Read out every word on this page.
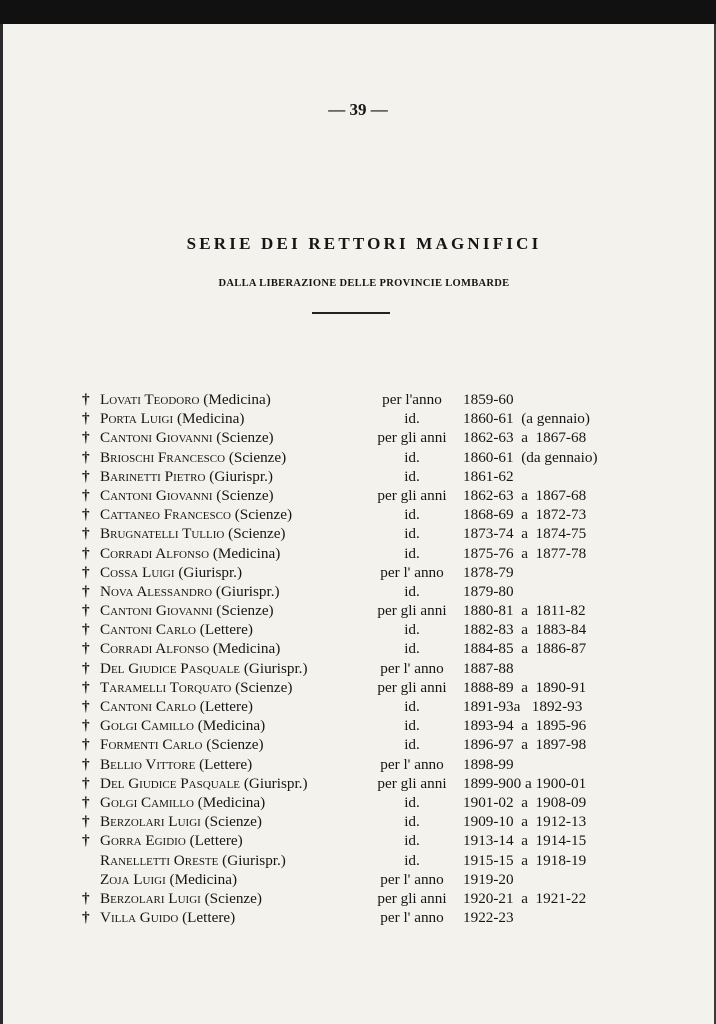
— 39 —
SERIE DEI RETTORI MAGNIFICI
DALLA LIBERAZIONE DELLE PROVINCIE LOMBARDE
† Lovati Teodoro (Medicina)	per l'anno	1859-60
† Porta Luigi (Medicina)	id.	1860-61  (a gennaio)
† Cantoni Giovanni (Scienze)	per gli anni	1862-63  a  1867-68
† Brioschi Francesco (Scienze)	id.	1860-61  (da gennaio)
† Barinetti Pietro (Giurispr.)	id.	1861-62
† Cantoni Giovanni (Scienze)	per gli anni	1862-63  a  1867-68
† Cattaneo Francesco (Scienze)	id.	1868-69  a  1872-73
† Brugnatelli Tullio (Scienze)	id.	1873-74  a  1874-75
† Corradi Alfonso (Medicina)	id.	1875-76  a  1877-78
† Cossa Luigi (Giurispr.)	per l' anno	1878-79
† Nova Alessandro (Giurispr.)	id.	1879-80
† Cantoni Giovanni (Scienze)	per gli anni	1880-81  a  1811-82
† Cantoni Carlo (Lettere)	id.	1882-83  a  1883-84
† Corradi Alfonso (Medicina)	id.	1884-85  a  1886-87
† Del Giudice Pasquale (Giurispr.)	per l' anno	1887-88
† Taramelli Torquato (Scienze)	per gli anni	1888-89  a  1890-91
† Cantoni Carlo (Lettere)	id.	1891-93a   1892-93
† Golgi Camillo (Medicina)	id.	1893-94  a  1895-96
† Formenti Carlo (Scienze)	id.	1896-97  a  1897-98
† Bellio Vittore (Lettere)	per l' anno	1898-99
† Del Giudice Pasquale (Giurispr.)	per gli anni	1899-900 a 1900-01
† Golgi Camillo (Medicina)	id.	1901-02  a  1908-09
† Berzolari Luigi (Scienze)	id.	1909-10  a  1912-13
† Gorra Egidio (Lettere)	id.	1913-14  a  1914-15
Ranelletti Oreste (Giurispr.)	id.	1915-15  a  1918-19
Zoja Luigi (Medicina)	per l' anno	1919-20
† Berzolari Luigi (Scienze)	per gli anni	1920-21  a  1921-22
† Villa Guido (Lettere)	per l' anno	1922-23
